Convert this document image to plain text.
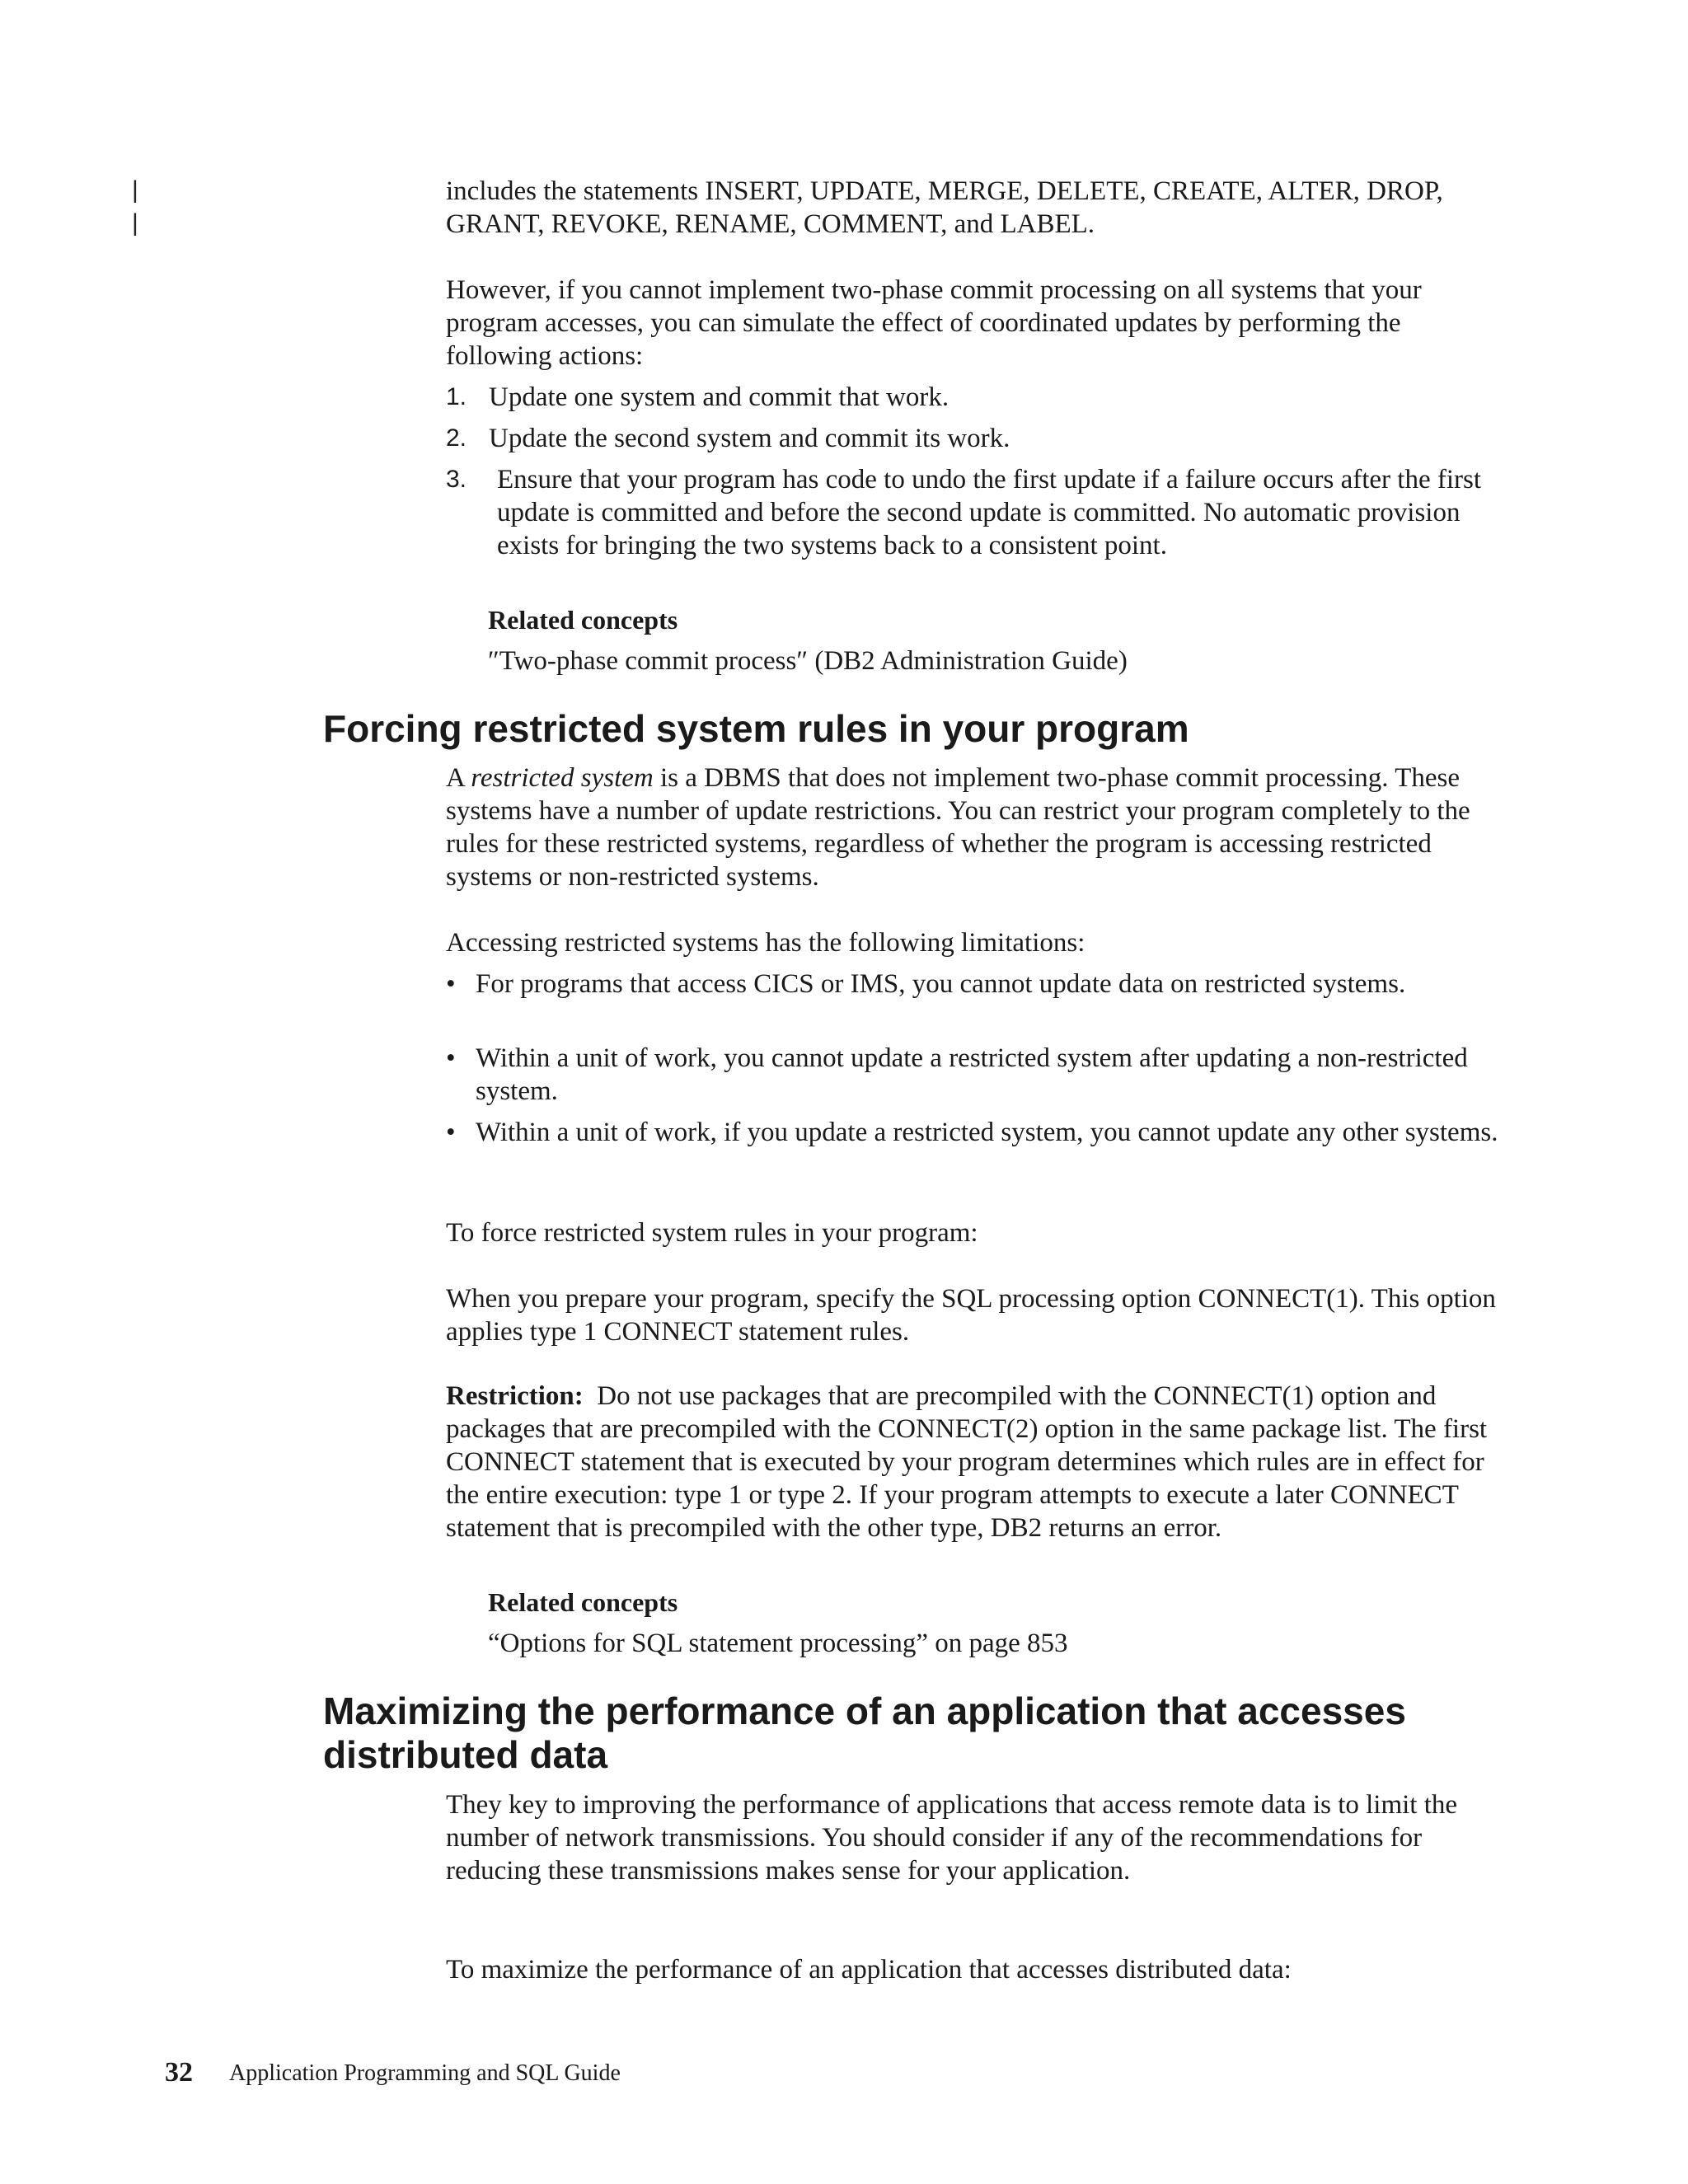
|
|

includes the statements INSERT, UPDATE, MERGE, DELETE, CREATE, ALTER, DROP, GRANT, REVOKE, RENAME, COMMENT, and LABEL.

However, if you cannot implement two-phase commit processing on all systems that your program accesses, you can simulate the effect of coordinated updates by performing the following actions:

1. Update one system and commit that work.
2. Update the second system and commit its work.
3.	Ensure that your program has code to undo the first update if a failure occurs after the first update is committed and before the second update is committed. No automatic provision exists for bringing the two systems back to a consistent point.
Related concepts
″Two-phase commit process″ (DB2 Administration Guide)
Forcing restricted system rules in your program

A restricted system is a DBMS that does not implement two-phase commit processing. These systems have a number of update restrictions. You can restrict your program completely to the rules for these restricted systems, regardless of whether the program is accessing restricted systems or non-restricted systems.

Accessing restricted systems has the following limitations:

• For programs that access CICS or IMS, you cannot update data on restricted systems.
• Within a unit of work, you cannot update a restricted system after updating a non-restricted system.
• Within a unit of work, if you update a restricted system, you cannot update any other systems.

To force restricted system rules in your program:

When you prepare your program, specify the SQL processing option CONNECT(1). This option applies type 1 CONNECT statement rules.

Restriction: Do not use packages that are precompiled with the CONNECT(1) option and packages that are precompiled with the CONNECT(2) option in the same package list. The first CONNECT statement that is executed by your program determines which rules are in effect for the entire execution: type 1 or type 2. If your program attempts to execute a later CONNECT statement that is precompiled with the other type, DB2 returns an error.

Related concepts
“Options for SQL statement processing” on page 853
Maximizing the performance of an application that accesses distributed data

They key to improving the performance of applications that access remote data is to limit the number of network transmissions. You should consider if any of the recommendations for reducing these transmissions makes sense for your application.

To maximize the performance of an application that accesses distributed data:

32 Application Programming and SQL Guide
